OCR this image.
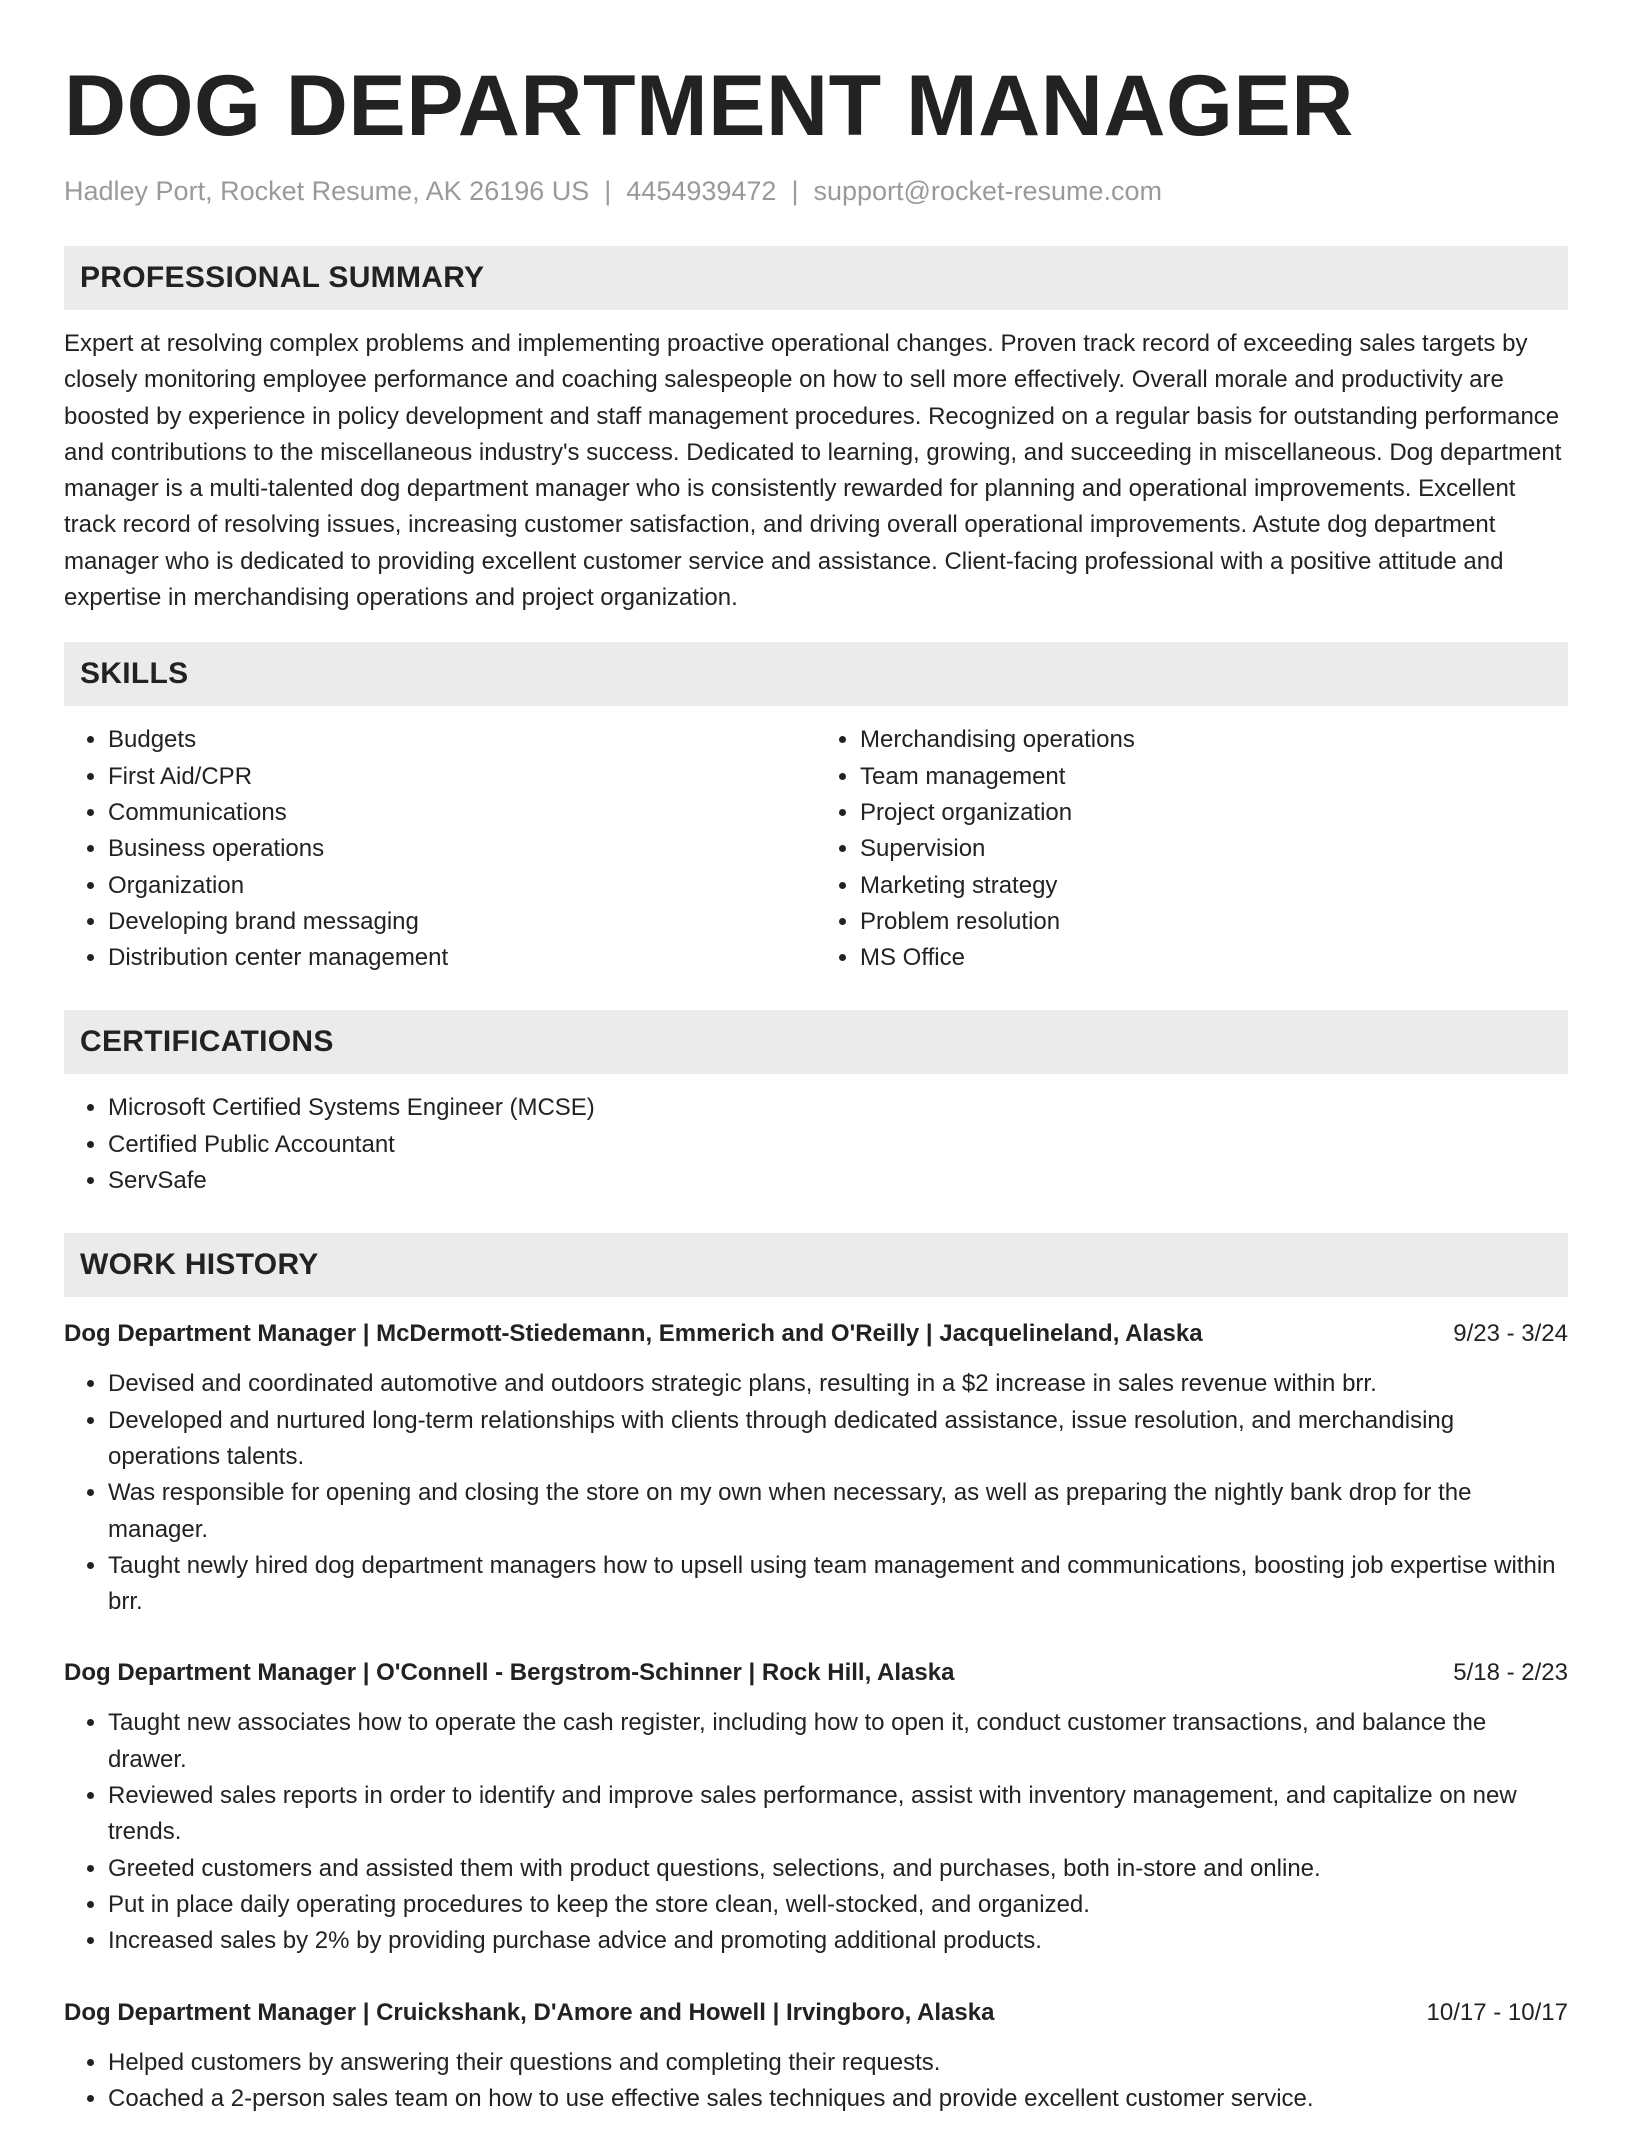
DOG DEPARTMENT MANAGER
Hadley Port, Rocket Resume, AK 26196 US | 4454939472 | support@rocket-resume.com
PROFESSIONAL SUMMARY

Expert at resolving complex problems and implementing proactive operational changes. Proven track record of exceeding sales targets by closely monitoring employee performance and coaching salespeople on how to sell more effectively. Overall morale and productivity are boosted by experience in policy development and staff management procedures. Recognized on a regular basis for outstanding performance and contributions to the miscellaneous industry's success. Dedicated to learning, growing, and succeeding in miscellaneous. Dog department manager is a multi-talented dog department manager who is consistently rewarded for planning and operational improvements. Excellent track record of resolving issues, increasing customer satisfaction, and driving overall operational improvements. Astute dog department manager who is dedicated to providing excellent customer service and assistance. Client-facing professional with a positive attitude and expertise in merchandising operations and project organization.

SKILLS
• Budgets
• First Aid/CPR
• Communications
• Business operations
• Organization
• Developing brand messaging
• Distribution center management
• Merchandising operations
• Team management
• Project organization
• Supervision
• Marketing strategy
• Problem resolution
• MS Office
CERTIFICATIONS
• Microsoft Certified Systems Engineer (MCSE)
• Certified Public Accountant
• ServSafe
WORK HISTORY
Dog Department Manager | McDermott-Stiedemann, Emmerich and O'Reilly | Jacquelineland, Alaska	9/23 - 3/24
• Devised and coordinated automotive and outdoors strategic plans, resulting in a $2 increase in sales revenue within brr.
• Developed and nurtured long-term relationships with clients through dedicated assistance, issue resolution, and merchandising operations talents.
• Was responsible for opening and closing the store on my own when necessary, as well as preparing the nightly bank drop for the manager.
• Taught newly hired dog department managers how to upsell using team management and communications, boosting job expertise within brr.
Dog Department Manager | O'Connell - Bergstrom-Schinner | Rock Hill, Alaska	5/18 - 2/23
• Taught new associates how to operate the cash register, including how to open it, conduct customer transactions, and balance the drawer.
• Reviewed sales reports in order to identify and improve sales performance, assist with inventory management, and capitalize on new trends.
• Greeted customers and assisted them with product questions, selections, and purchases, both in-store and online.
• Put in place daily operating procedures to keep the store clean, well-stocked, and organized.
• Increased sales by 2% by providing purchase advice and promoting additional products.
Dog Department Manager | Cruickshank, D'Amore and Howell | Irvingboro, Alaska	10/17 - 10/17
• Helped customers by answering their questions and completing their requests.
• Coached a 2-person sales team on how to use effective sales techniques and provide excellent customer service.
